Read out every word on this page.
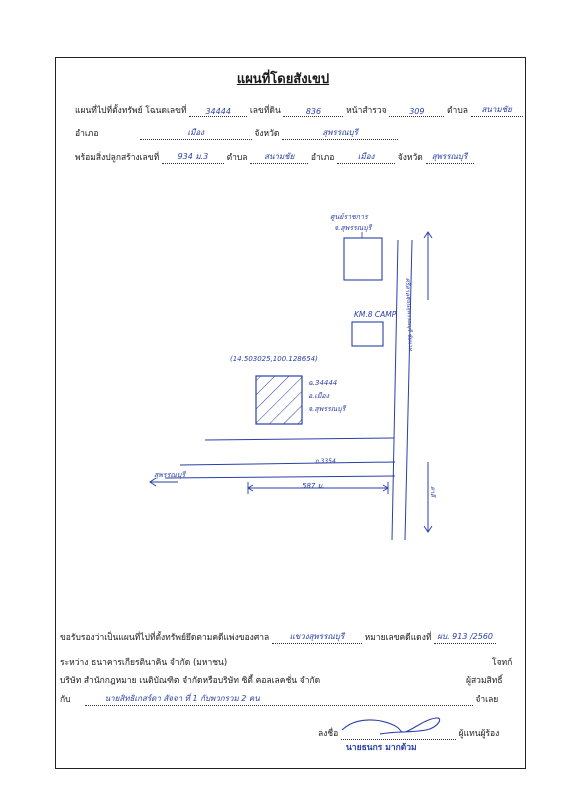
แผนที่โดยสังเขป
แผนที่ไปที่ตั้งทรัพย์ โฉนดเลขที่ 34444 เลขที่ดิน	836	หน้าสำรวจ	309	ตำบล สนามชัย
อำเภอ	เมือง	จังหวัด	สุพรรณบุรี
พร้อมสิ่งปลูกสร้างเลขที่ 934 ม.3 ตำบล สนามชัย อำเภอ	เมือง	จังหวัด สุพรรณบุรี
ศูนย์ราชการ
จ.สุพรรณบุรี
KM.8 CAMP
(14.503025,100.128654)
ฉ.34444
อ.เมือง
จ.สุพรรณบุรี
ถ.3354
587 ม.
สุพรรณบุรี
ศรีสาลา
สาลี
ถนนสุพรรณบุรี-ชัยนาท
ขอรับรองว่าเป็นแผนที่ไปที่ตั้งทรัพย์ยึดตามคดีแพ่งของศาล	แขวงสุพรรณบุรี หมายเลขคดีแดงที่ ผบ. 913 /2560
ระหว่าง ธนาคารเกียรตินาคิน จำกัด (มหาชน)	โจทก์
บริษัท สำนักกฎหมาย เนติบัณฑิต จำกัดหรือบริษัท ซิตี้ คอลเลคชั่น จำกัด	ผู้สวมสิทธิ์
กับ	นายสิทธิเกสร์ดา สัจจา ที่ 1 กับพวกรวม 2 คน	จำเลย
ลงชื่อ	ผู้แทนผู้ร้อง
นายธนกร มากด้วม
